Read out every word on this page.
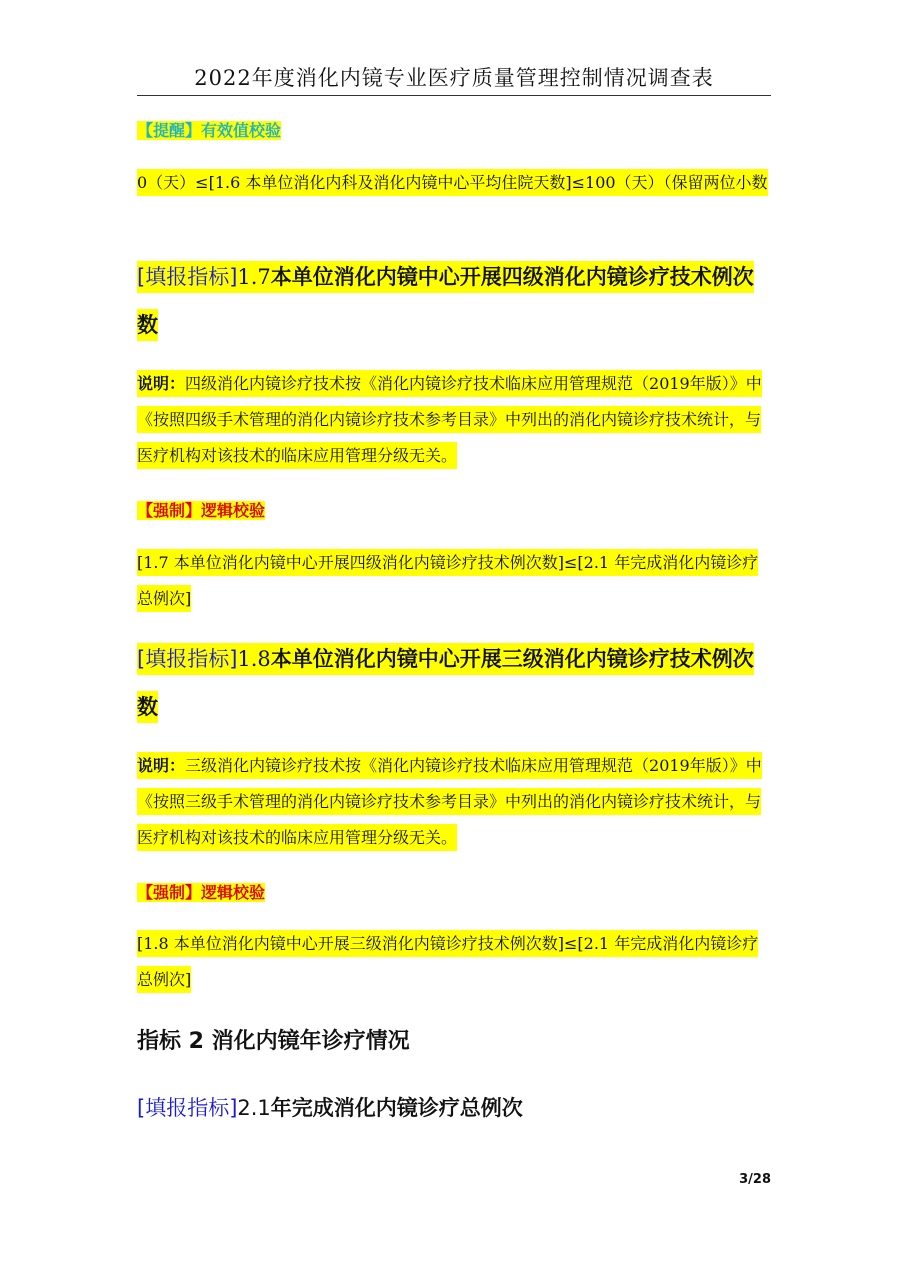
2022年度消化内镜专业医疗质量管理控制情况调查表
【提醒】有效值校验
0（天）≤[1.6 本单位消化内科及消化内镜中心平均住院天数]≤100（天）（保留两位小数
[填报指标]1.7本单位消化内镜中心开展四级消化内镜诊疗技术例次数
说明：四级消化内镜诊疗技术按《消化内镜诊疗技术临床应用管理规范（2019年版）》中《按照四级手术管理的消化内镜诊疗技术参考目录》中列出的消化内镜诊疗技术统计，与医疗机构对该技术的临床应用管理分级无关。
【强制】逻辑校验
[1.7 本单位消化内镜中心开展四级消化内镜诊疗技术例次数]≤[2.1 年完成消化内镜诊疗总例次]
[填报指标]1.8本单位消化内镜中心开展三级消化内镜诊疗技术例次数
说明：三级消化内镜诊疗技术按《消化内镜诊疗技术临床应用管理规范（2019年版）》中《按照三级手术管理的消化内镜诊疗技术参考目录》中列出的消化内镜诊疗技术统计，与医疗机构对该技术的临床应用管理分级无关。
【强制】逻辑校验
[1.8 本单位消化内镜中心开展三级消化内镜诊疗技术例次数]≤[2.1 年完成消化内镜诊疗总例次]
指标 2 消化内镜年诊疗情况
[填报指标]2.1年完成消化内镜诊疗总例次
3/28
